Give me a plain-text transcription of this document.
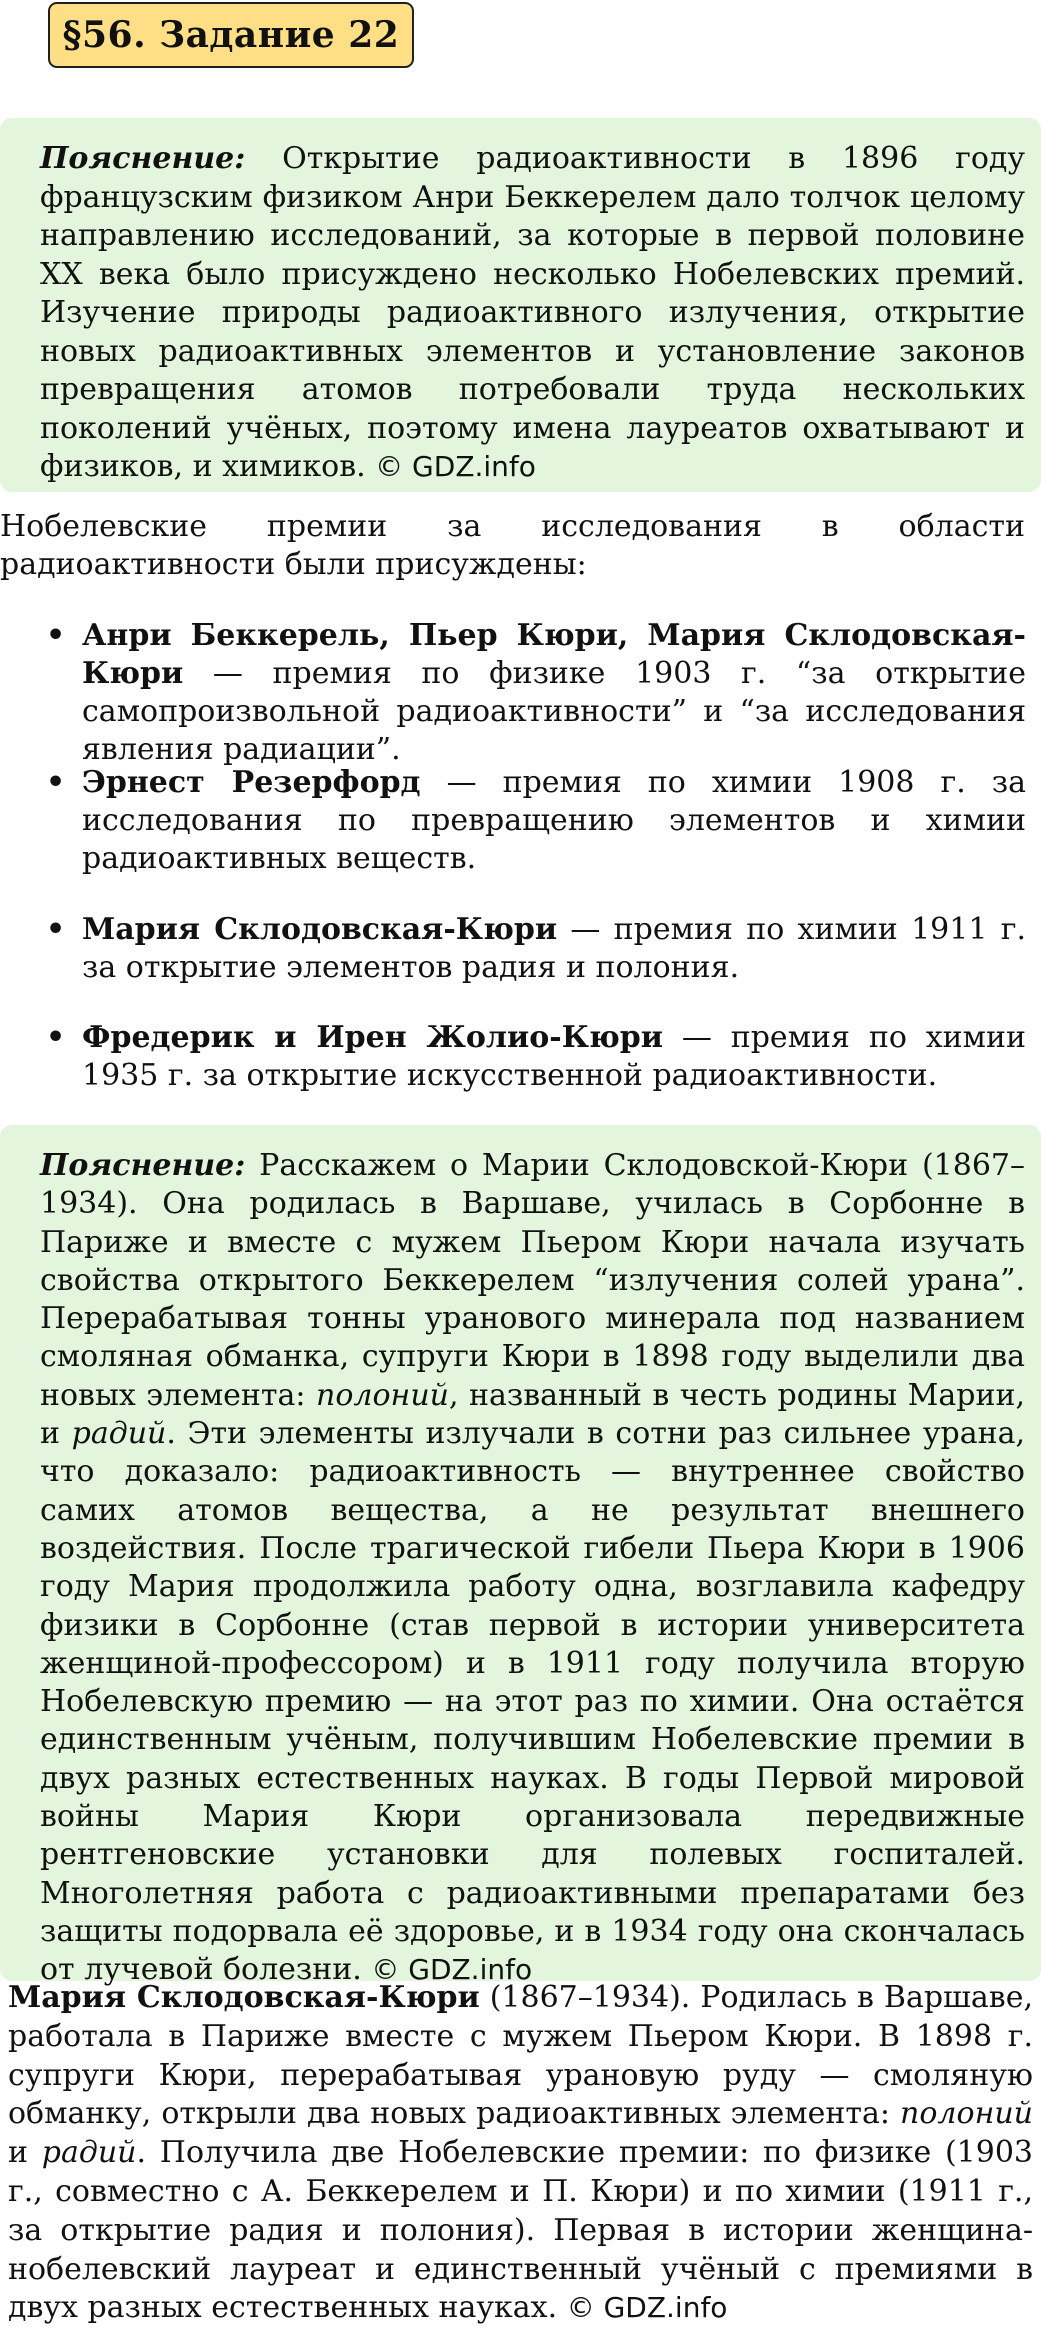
§56. Задание 22

Пояснение: Открытие радиоактивности в 1896 году французским физиком Анри Беккерелем дало толчок целому направлению исследований, за которые в первой половине XX века было присуждено несколько Нобелевских премий. Изучение природы радиоактивного излучения, открытие новых радиоактивных элементов и установление законов превращения атомов потребовали труда нескольких поколений учёных, поэтому имена лауреатов охватывают и физиков, и химиков. © GDZ.info

Нобелевские премии за исследования в области радиоактивности были присуждены:

• Анри Беккерель, Пьер Кюри, Мария Склодовская-Кюри — премия по физике 1903 г. “за открытие самопроизвольной радиоактивности” и “за исследования явления радиации”.
• Эрнест Резерфорд — премия по химии 1908 г. за исследования по превращению элементов и химии радиоактивных веществ.
• Мария Склодовская-Кюри — премия по химии 1911 г. за открытие элементов радия и полония.
• Фредерик и Ирен Жолио-Кюри — премия по химии 1935 г. за открытие искусственной радиоактивности.

Пояснение: Расскажем о Марии Склодовской-Кюри (1867–1934). Она родилась в Варшаве, училась в Сорбонне в Париже и вместе с мужем Пьером Кюри начала изучать свойства открытого Беккерелем “излучения солей урана”. Перерабатывая тонны уранового минерала под названием смоляная обманка, супруги Кюри в 1898 году выделили два новых элемента: полоний, названный в честь родины Марии, и радий. Эти элементы излучали в сотни раз сильнее урана, что доказало: радиоактивность — внутреннее свойство самих атомов вещества, а не результат внешнего воздействия. После трагической гибели Пьера Кюри в 1906 году Мария продолжила работу одна, возглавила кафедру физики в Сорбонне (став первой в истории университета женщиной-профессором) и в 1911 году получила вторую Нобелевскую премию — на этот раз по химии. Она остаётся единственным учёным, получившим Нобелевские премии в двух разных естественных науках. В годы Первой мировой войны Мария Кюри организовала передвижные рентгеновские установки для полевых госпиталей. Многолетняя работа с радиоактивными препаратами без защиты подорвала её здоровье, и в 1934 году она скончалась от лучевой болезни. © GDZ.info

Мария Склодовская-Кюри (1867–1934). Родилась в Варшаве, работала в Париже вместе с мужем Пьером Кюри. В 1898 г. супруги Кюри, перерабатывая урановую руду — смоляную обманку, открыли два новых радиоактивных элемента: полоний и радий. Получила две Нобелевские премии: по физике (1903 г., совместно с А. Беккерелем и П. Кюри) и по химии (1911 г., за открытие радия и полония). Первая в истории женщина-нобелевский лауреат и единственный учёный с премиями в двух разных естественных науках. © GDZ.info
